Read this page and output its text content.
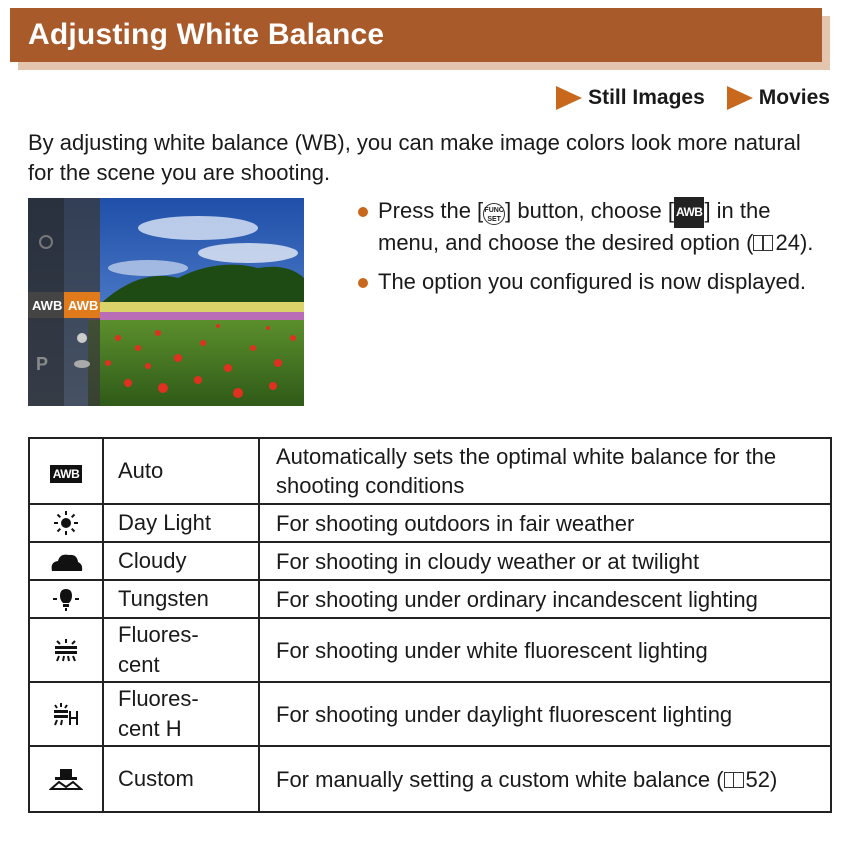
Adjusting White Balance
Still Images	Movies
By adjusting white balance (WB), you can make image colors look more natural for the scene you are shooting.
AWB AWB
P
Press the [FUNC
SET ] button, choose [ AWB] in the menu, and choose the desired option ( 24).
The option you configured is now displayed.
AWB	Auto	Automatically sets the optimal white balance for the shooting conditions

	Day Light	For shooting outdoors in fair weather

	Cloudy	For shooting in cloudy weather or at twilight

	Tungsten	For shooting under ordinary incandescent lighting

	Fluores-
cent	For shooting under white fluorescent lighting

	Fluores-
cent H	For shooting under daylight fluorescent lighting

	Custom	For manually setting a custom white balance ( 52)
